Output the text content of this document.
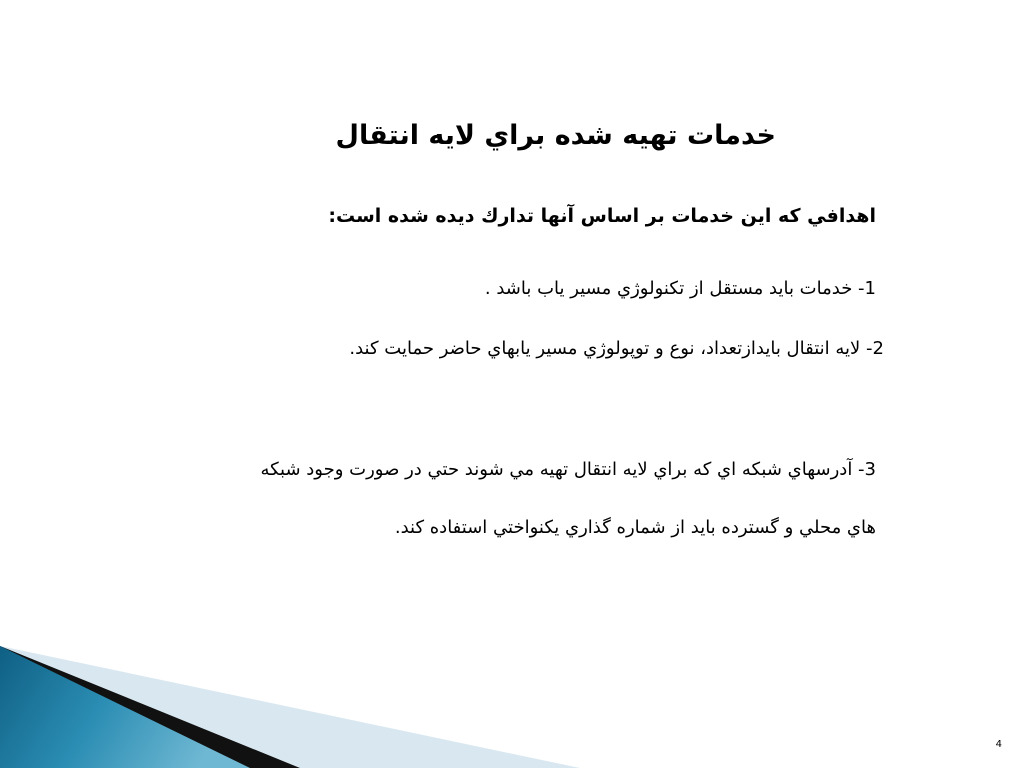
خدمات تهيه شده براي لايه انتقال
اهدافي كه اين خدمات بر اساس آنها تدارك ديده شده است:
1- خدمات بايد مستقل از تكنولوژي مسير ياب باشد .
2- لايه انتقال بايدازتعداد، نوع و توپولوژي مسير يابهاي حاضر حمايت كند.
3- آدرسهاي شبكه اي كه براي لايه انتقال تهيه مي شوند حتي در صورت وجود شبكه
هاي محلي و گسترده بايد از شماره گذاري يكنواختي استفاده كند.
4
